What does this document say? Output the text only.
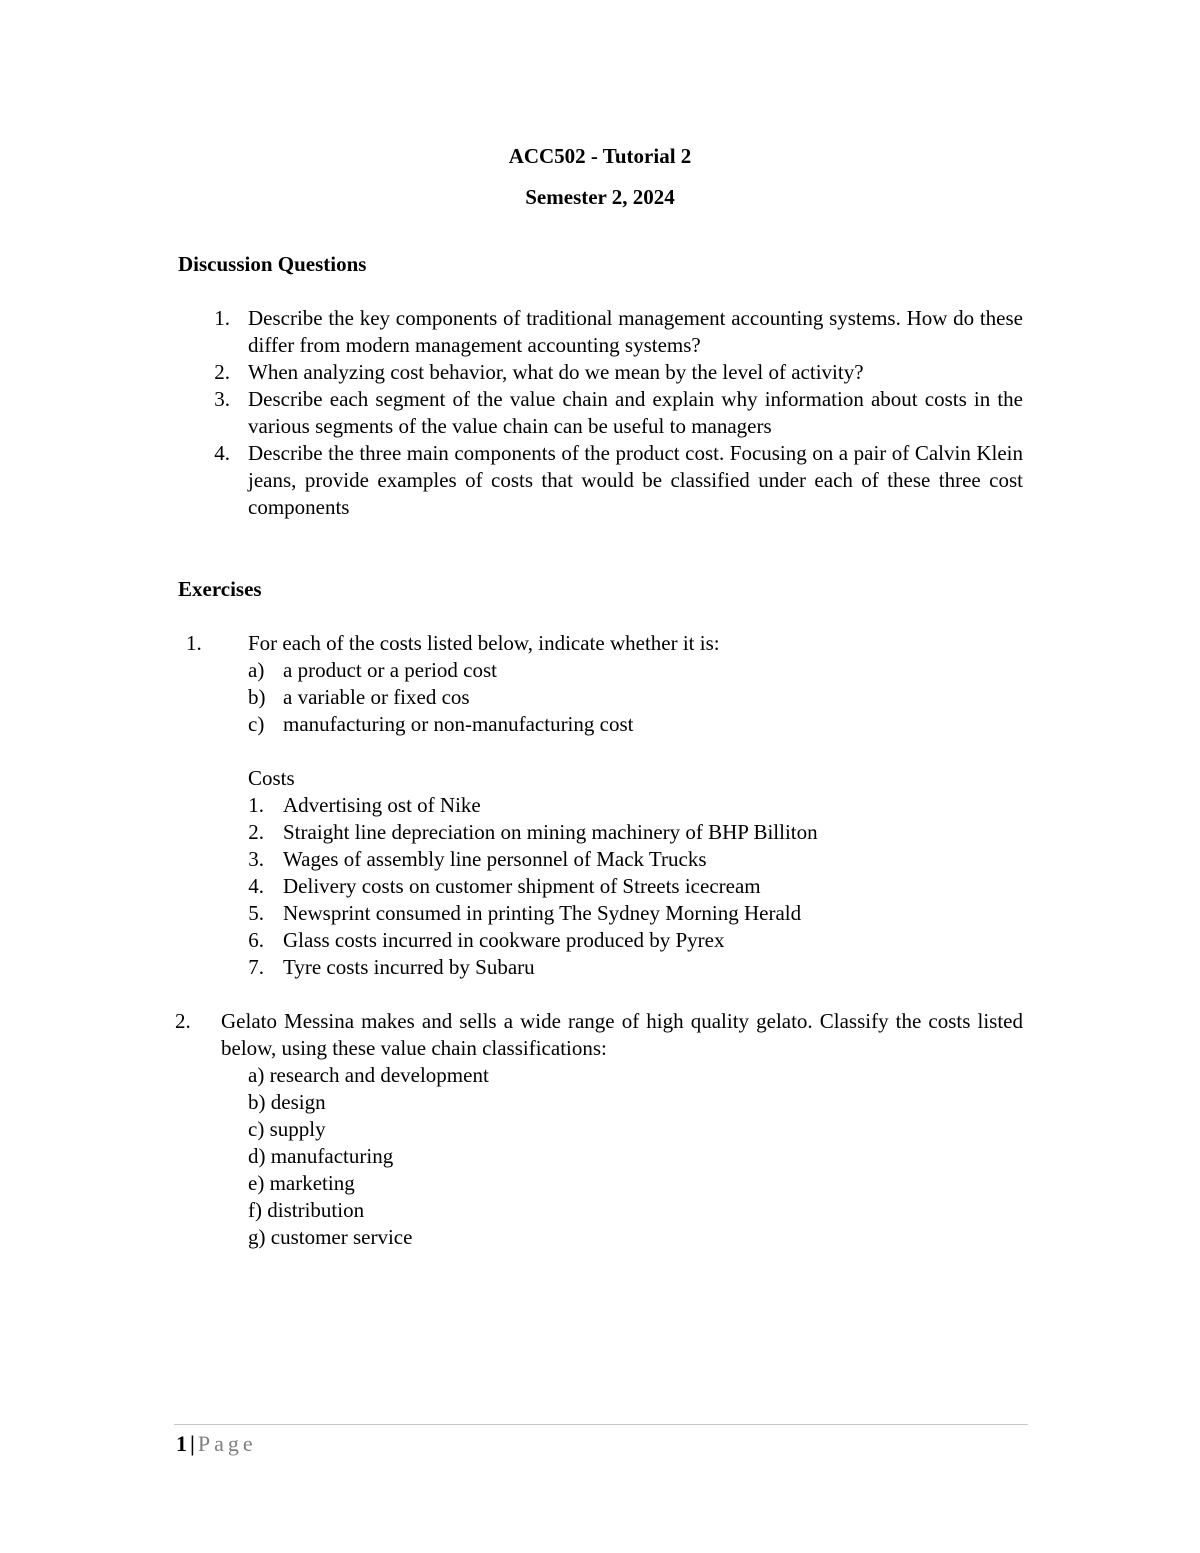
ACC502 - Tutorial 2
Semester 2, 2024
Discussion Questions
1. Describe the key components of traditional management accounting systems. How do these differ from modern management accounting systems?
2. When analyzing cost behavior, what do we mean by the level of activity?
3. Describe each segment of the value chain and explain why information about costs in the various segments of the value chain can be useful to managers
4. Describe the three main components of the product cost. Focusing on a pair of Calvin Klein jeans, provide examples of costs that would be classified under each of these three cost components
Exercises
1. For each of the costs listed below, indicate whether it is:
a) a product or a period cost
b) a variable or fixed cos
c) manufacturing or non-manufacturing cost
Costs
1. Advertising ost of Nike
2. Straight line depreciation on mining machinery of BHP Billiton
3. Wages of assembly line personnel of Mack Trucks
4. Delivery costs on customer shipment of Streets icecream
5. Newsprint consumed in printing The Sydney Morning Herald
6. Glass costs incurred in cookware produced by Pyrex
7. Tyre costs incurred by Subaru
2. Gelato Messina makes and sells a wide range of high quality gelato. Classify the costs listed below, using these value chain classifications:
a) research and development
b) design
c) supply
d) manufacturing
e) marketing
f) distribution
g) customer service
1 | Page
